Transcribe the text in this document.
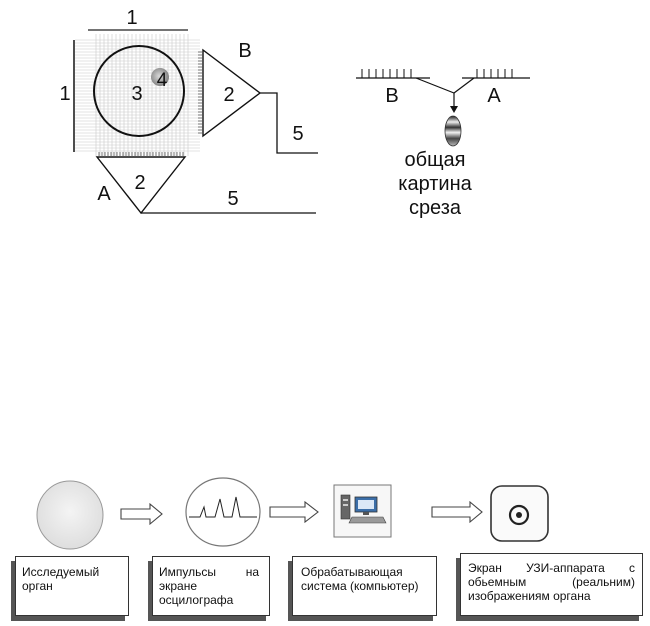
1
1	3
4
2
2
B
A
5
5
B	A
общая картина
среза
Исследуемый орган
Импульсы на экране осцилографа
Обрабатывающая система (компьютер)
Экран УЗИ-аппарата с обьемным (реальним) изображениям органа
